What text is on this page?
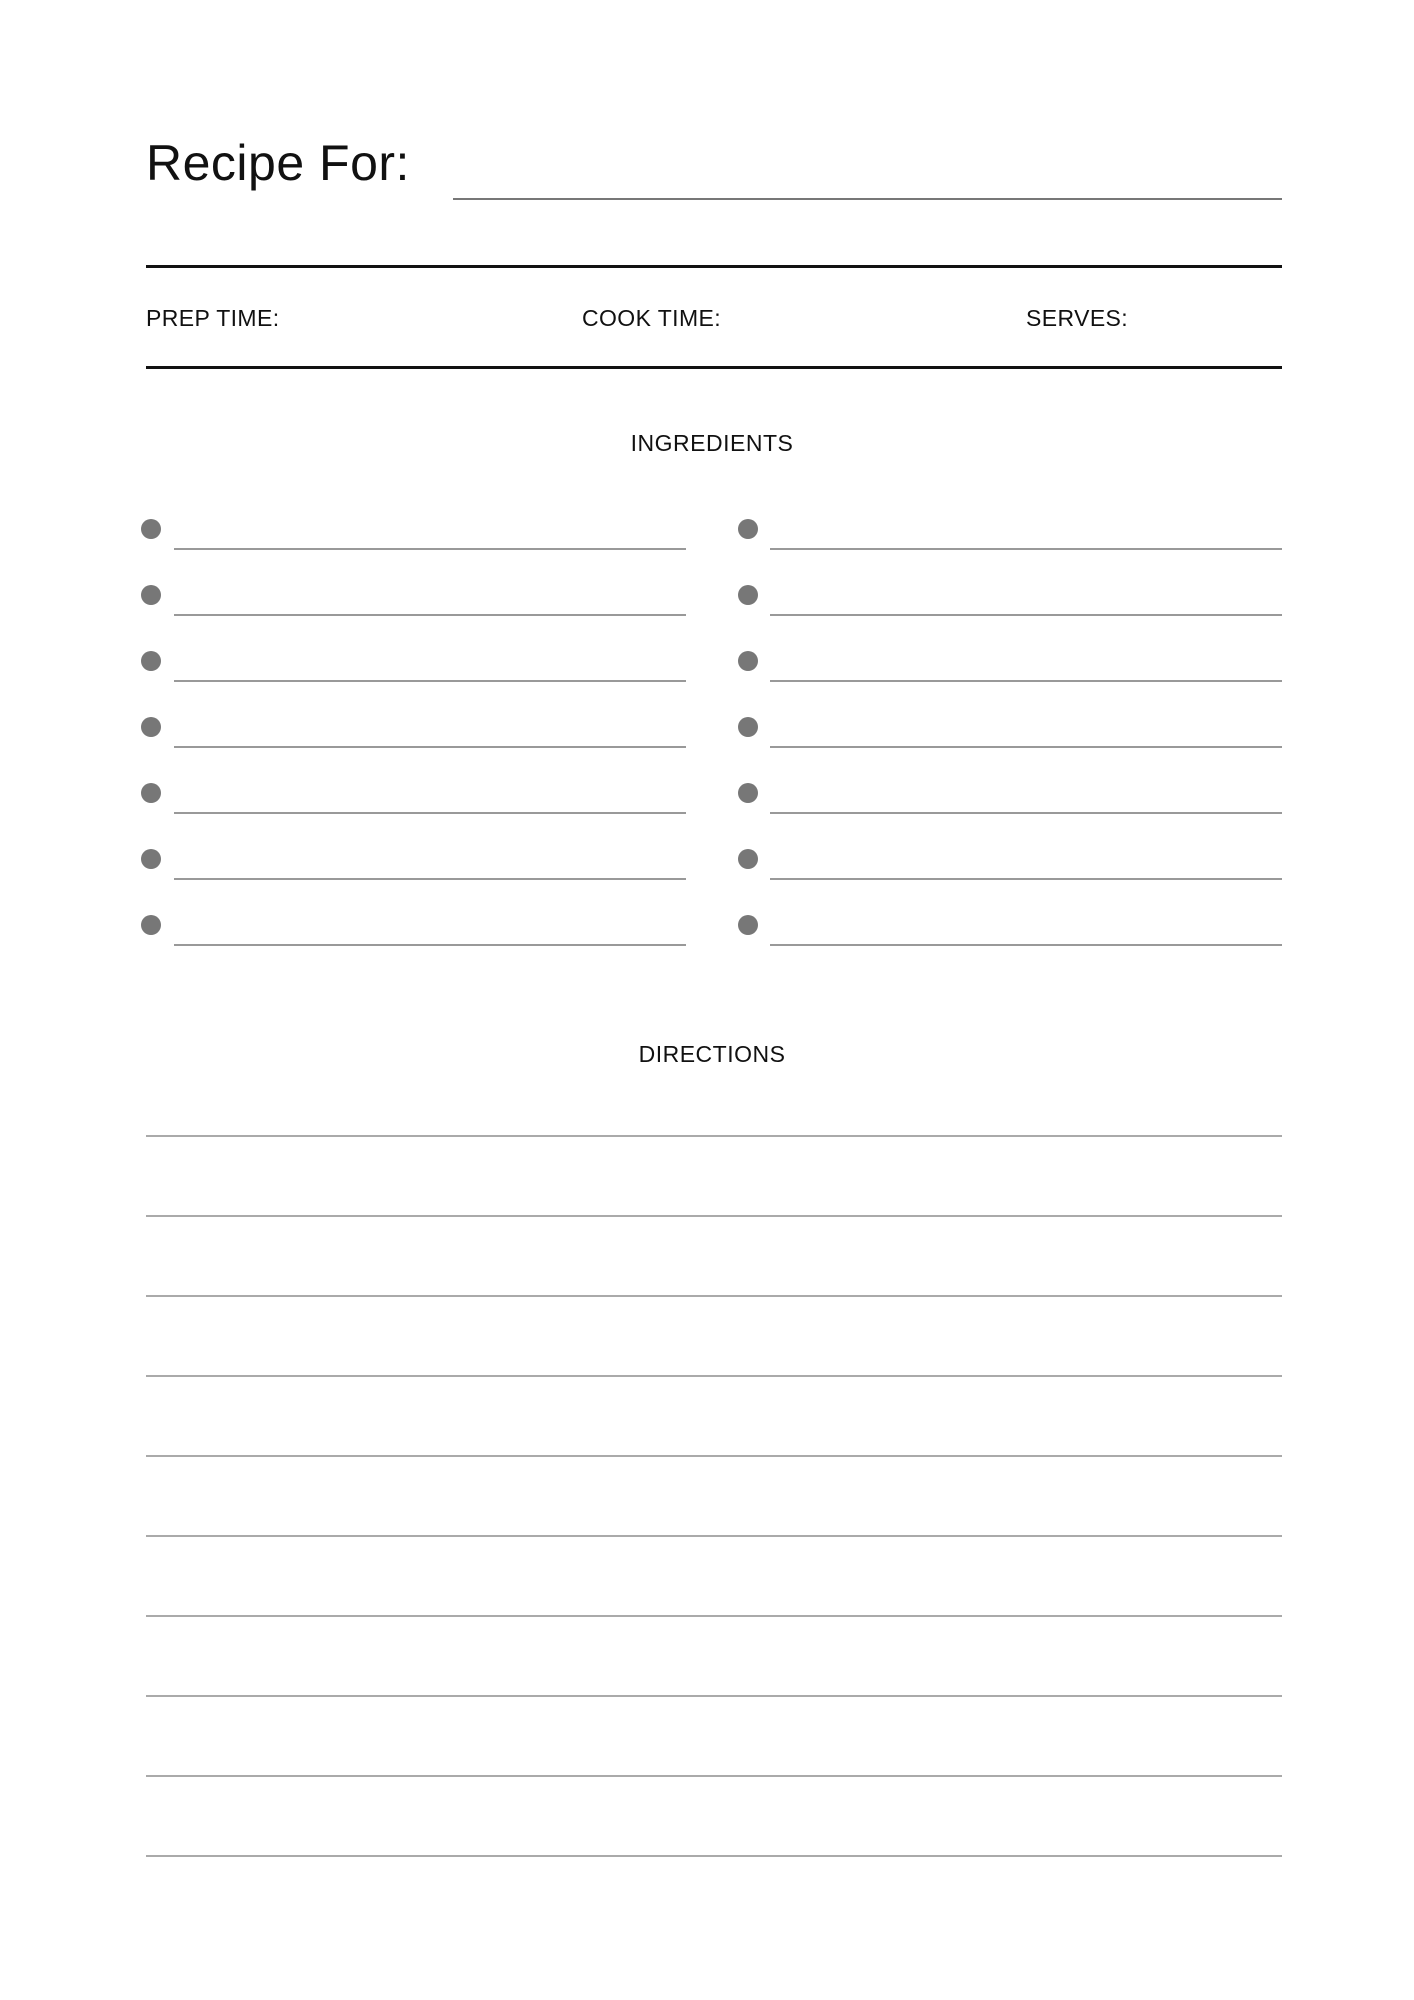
Recipe For:
PREP TIME:	COOK TIME:	SERVES:
INGREDIENTS
DIRECTIONS
